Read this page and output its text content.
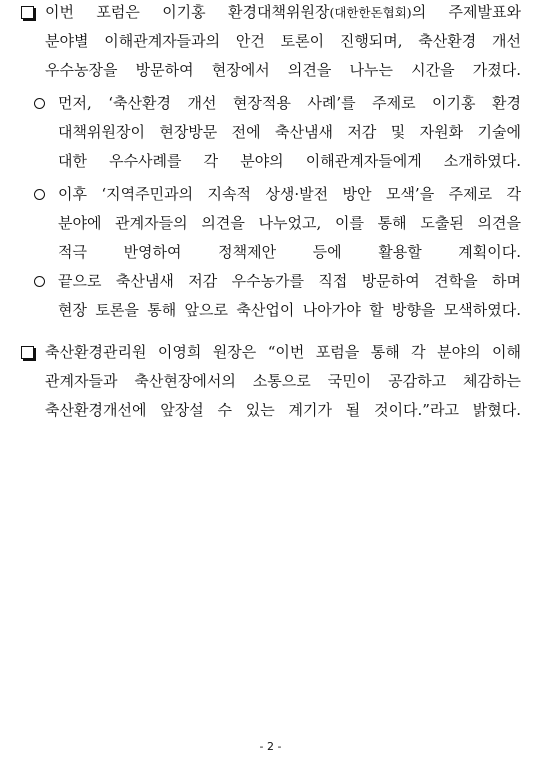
이번 포럼은 이기홍 환경대책위원장(대한한돈협회)의 주제발표와
분야별 이해관계자들과의 안건 토론이 진행되며, 축산환경 개선
우수농장을 방문하여 현장에서 의견을 나누는 시간을 가졌다.
먼저, ‘축산환경 개선 현장적용 사례’를 주제로 이기홍 환경
대책위원장이 현장방문 전에 축산냄새 저감 및 자원화 기술에
대한 우수사례를 각 분야의 이해관계자들에게 소개하였다.
이후 ‘지역주민과의 지속적 상생·발전 방안 모색’을 주제로 각
분야에 관계자들의 의견을 나누었고, 이를 통해 도출된 의견을
적극 반영하여 정책제안 등에 활용할 계획이다.
끝으로 축산냄새 저감 우수농가를 직접 방문하여 견학을 하며
현장 토론을 통해 앞으로 축산업이 나아가야 할 방향을 모색하였다.
축산환경관리원 이영희 원장은 “이번 포럼을 통해 각 분야의 이해
관계자들과 축산현장에서의 소통으로 국민이 공감하고 체감하는
축산환경개선에 앞장설 수 있는 계기가 될 것이다.”라고 밝혔다.
- 2 -
